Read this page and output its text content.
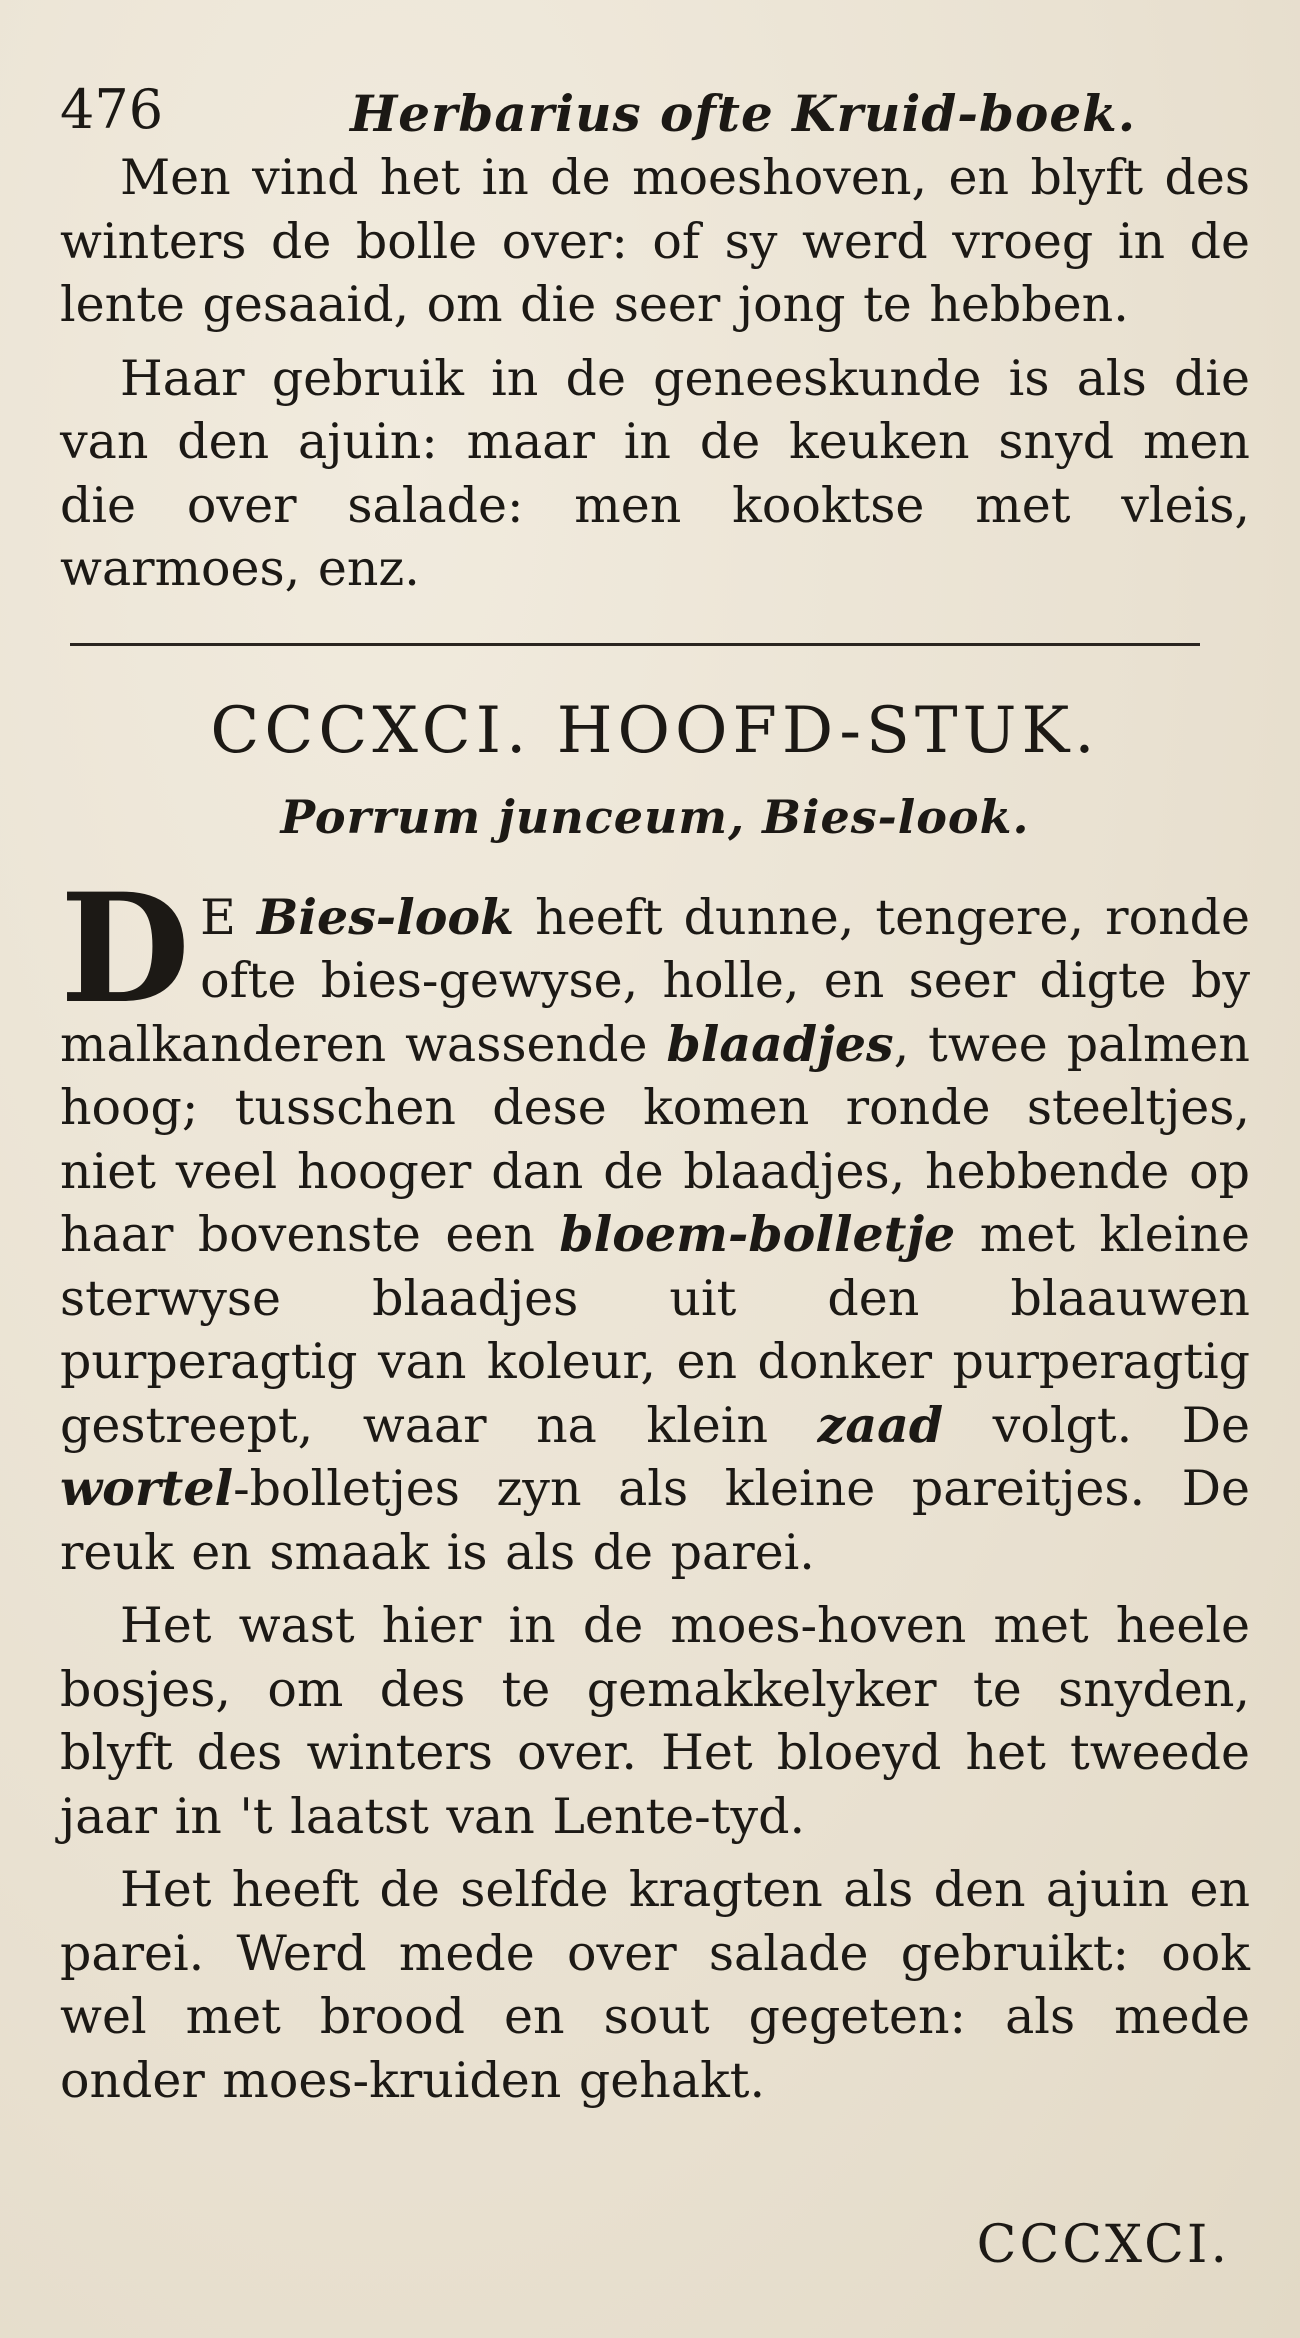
476	Herbarius ofte Kruid-boek.

Men vind het in de moeshoven, en blyft des winters de bolle over: of sy werd vroeg in de lente gesaaid, om die seer jong te hebben.

Haar gebruik in de geneeskunde is als die van den ajuin: maar in de keuken snyd men die over salade: men kooktse met vleis, warmoes, enz.

CCCXCI. HOOFD-STUK.
Porrum junceum, Bies-look.
D E Bies-look heeft dunne, tengere, ronde ofte bies-gewyse, holle, en seer digte by malkanderen wassende blaadjes, twee palmen hoog; tusschen dese komen ronde steeltjes, niet veel hooger dan de blaadjes, hebbende op haar bovenste een bloem-bolletje met kleine sterwyse blaadjes uit den blaauwen purperagtig van koleur, en donker purperagtig gestreept, waar na klein zaad volgt. De wortel-bolletjes zyn als kleine pareitjes. De reuk en smaak is als de parei.

Het wast hier in de moes-hoven met heele bosjes, om des te gemakkelyker te snyden, blyft des winters over. Het bloeyd het tweede jaar in 't laatst van Lente-tyd.

Het heeft de selfde kragten als den ajuin en parei. Werd mede over salade gebruikt: ook wel met brood en sout gegeten: als mede onder moes-kruiden gehakt.

CCCXCI.
